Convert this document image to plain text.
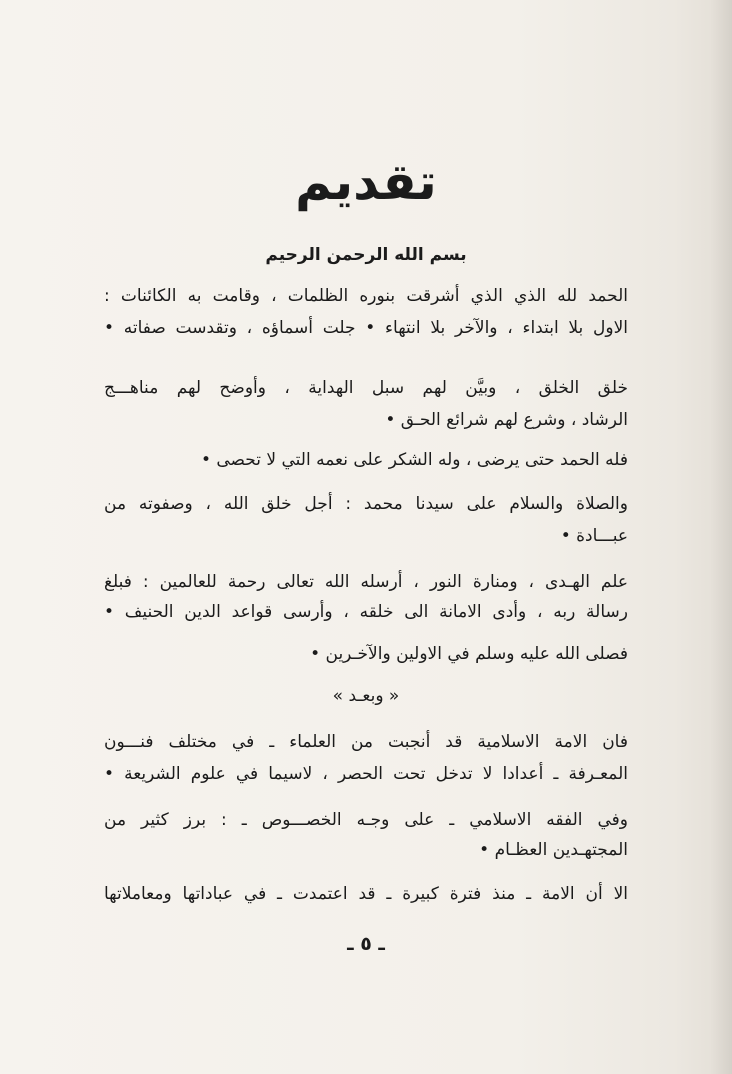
تقديم
بسم الله الرحمن الرحيم
الحمد لله الذي الذي أشرقت بنوره الظلمات ، وقامت به الكائنات :
الاول بلا ابتداء ، والآخر بلا انتهاء • جلت أسماؤه ، وتقدست صفاته •
خلق الخلق ، وبيَّن لهم سبل الهداية ، وأوضح لهم مناهـــج
الرشاد ، وشرع لهم شرائع الحـق •
فله الحمد حتى يرضى ، وله الشكر على نعمه التي لا تحصى •
والصلاة والسلام على سيدنا محمد : أجل خلق الله ، وصفوته من
عبـــادة •
علم الهـدى ، ومنارة النور ، أرسله الله تعالى رحمة للعالمين : فبلغ
رسالة ربه ، وأدى الامانة الى خلقه ، وأرسى قواعد الدين الحنيف •
فصلى الله عليه وسلم في الاولين والآخـرين •
« وبعـد »
فان الامة الاسلامية قد أنجبت من العلماء ـ في مختلف فنـــون
المعـرفة ـ أعدادا لا تدخل تحت الحصر ، لاسيما في علوم الشريعة •
وفي الفقه الاسلامي ـ على وجـه الخصـــوص ـ : برز كثير من
المجتهـدين العظـام •
الا أن الامة ـ منذ فترة كبيرة ـ قد اعتمدت ـ في عباداتها ومعاملاتها
ـ ٥ ـ
